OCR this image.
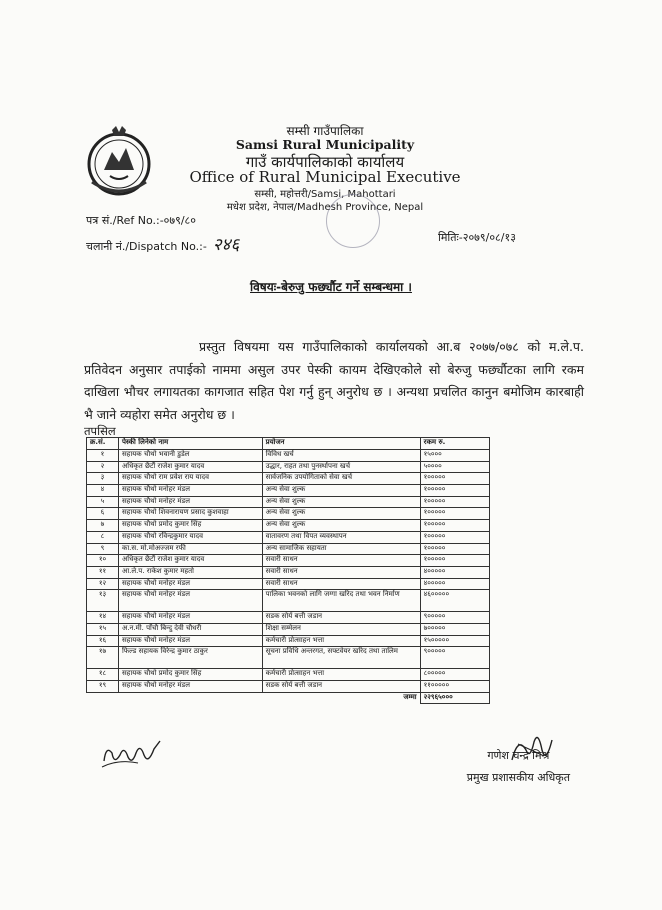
सम्सी गाउँपालिका
Samsi Rural Municipality
गाउँ कार्यपालिकाको कार्यालय
Office of Rural Municipal Executive
सम्सी, महोत्तरी/Samsi, Mahottari
मधेश प्रदेश, नेपाल/Madhesh Province, Nepal
पत्र सं./Ref No.:-०७९/८०
चलानी नं./Dispatch No.:- २४६	मितिः-२०७९/०८/१३
विषयः-बेरुजु फर्छ्यौट गर्ने सम्बन्धमा ।
प्रस्तुत विषयमा यस गाउँपालिकाको कार्यालयको आ.ब २०७७/०७८ को म.ले.प. प्रतिवेदन अनुसार तपाईको नाममा असुल उपर पेस्की कायम देखिएकोले सो बेरुजु फर्छ्यौटका लागि रकम दाखिला भौचर लगायतका कागजात सहित पेश गर्नु हुन् अनुरोध छ । अन्यथा प्रचलित कानुन बमोजिम कारबाही भै जाने व्यहोरा समेत अनुरोध छ ।
तपसिल
क्र.सं.	पेस्की लिनेको नाम	प्रयोजन	रकम रु.
१	सहायक चौथो भवानी डुडेल	विविध खर्च	१५०००
२	अधिकृत छैटौं राजेश कुमार यादव	उद्धार, राहत तथा पुनर्स्थापना खर्च	५००००
३	सहायक चौथो राम प्रवेश राय यादव	सार्वजनिक उपयोगिताको सेवा खर्च	१०००००
४	सहायक चौथो मनोहर मंडल	अन्य सेवा शुल्क	१०००००
५	सहायक चौथो मनोहर मंडल	अन्य सेवा शुल्क	१०००००
६	सहायक चौथो शिवनारायण प्रसाद कुशवाहा	अन्य सेवा शुल्क	१०००००
७	सहायक चौथो प्रमोद कुमार सिंह	अन्य सेवा शुल्क	१०००००
८	सहायक चौथो रविन्द्रकुमार यादव	वातावरण तथा विपत व्यवस्थापन	१०००००
९	का.स. मो.मोअज्जम रफी	अन्य सामाजिक सहायता	१०००००
१०	अधिकृत छैटौं राजेश कुमार यादव	सवारी साधन	१०००००
११	आ.ले.प. राकेश कुमार महतो	सवारी साधन	४०००००
१२	सहायक चौथो मनोहर मंडल	सवारी साधन	४०००००
१३	सहायक चौथो मनोहर मंडल	पालिका भवनको लागि जग्गा खरिद तथा भवन निर्माण	४६०००००
१४	सहायक चौथो मनोहर मंडल	सडक सोर्य बत्ती जडान	९०००००
१५	अ.न.मी. पाँचौ बिन्दु देवी चौधरी	शिक्षा सम्मेलन	७०००००
१६	सहायक चौथो मनोहर मंडल	कर्मचारी प्रोत्साहन भत्ता	१५०००००
१७	फिल्ड सहायक विरेन्द्र कुमार ठाकुर	सूचना प्रविधि अन्तरगत, सफ्टवेयर खरिद तथा तालिम	९०००००
१८	सहायक चौथो प्रमोद कुमार सिंह	कर्मचारी प्रोत्साहन भत्ता	८०००००
१९	सहायक चौथो मनोहर मंडल	सडक सोर्य बत्ती जडान	११०००००
		जम्मा	२२९६५०००
गणेश चन्द्र मिश्र
प्रमुख प्रशासकीय अधिकृत
